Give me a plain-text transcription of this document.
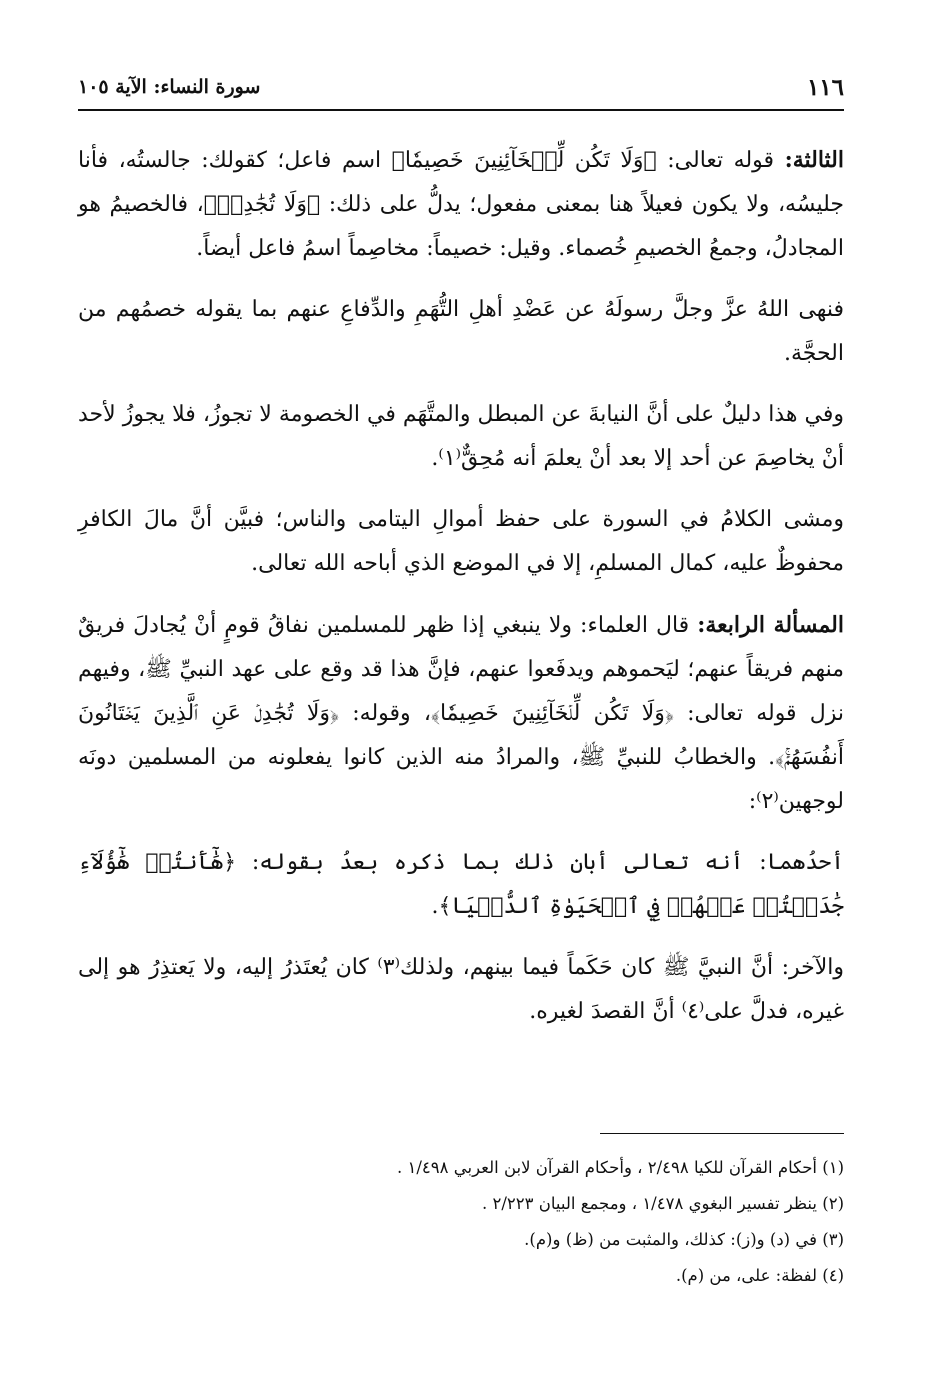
١١٦
سورة النساء: الآية ١٠٥

الثالثة: قوله تعالى: ﴿وَلَا تَكُن لِّلۡخَآئِنِينَ خَصِيمٗا﴾ اسم فاعل؛ كقولك: جالستُه، فأنا جليسُه، ولا يكون فعيلاً هنا بمعنى مفعول؛ يدلُّ على ذلك: ﴿وَلَا تُجَٰدِلۡ﴾، فالخصيمُ هو المجادلُ، وجمعُ الخصيمِ خُصماء. وقيل: خصيماً: مخاصِماً اسمُ فاعل أيضاً.

فنهى اللهُ عزَّ وجلَّ رسولَهُ عن عَضْدِ أهلِ التُّهَمِ والدِّفاعِ عنهم بما يقوله خصمُهم من الحجَّة.

وفي هذا دليلٌ على أنَّ النيابةَ عن المبطل والمتَّهَم في الخصومة لا تجوزُ، فلا يجوزُ لأحد أنْ يخاصِمَ عن أحد إلا بعد أنْ يعلمَ أنه مُحِقٌّ⁽١⁾.

ومشى الكلامُ في السورة على حفظ أموالِ اليتامى والناس؛ فبيَّن أنَّ مالَ الكافرِ محفوظٌ عليه، كمال المسلمِ، إلا في الموضع الذي أباحه الله تعالى.

المسألة الرابعة: قال العلماء: ولا ينبغي إذا ظهر للمسلمين نفاقُ قومٍ أنْ يُجادلَ فريقٌ منهم فريقاً عنهم؛ ليَحموهم ويدفَعوا عنهم، فإنَّ هذا قد وقع على عهد النبيِّ ﷺ، وفيهم نزل قوله تعالى: ﴿وَلَا تَكُن لِّلۡخَآئِنِينَ خَصِيمٗا﴾، وقوله: ﴿وَلَا تُجَٰدِلۡ عَنِ ٱلَّذِينَ يَخۡتَانُونَ أَنفُسَهُمۡۚ﴾. والخطابُ للنبيِّ ﷺ، والمرادُ منه الذين كانوا يفعلونه من المسلمين دونَه لوجهين⁽٢⁾:

أحدُهما: أنه تعالى أبان ذلك بما ذكره بعدُ بقوله: ﴿هَٰٓأَنتُمۡ هَٰٓؤُلَآءِ جَٰدَلۡتُمۡ عَنۡهُمۡ فِي ٱلۡحَيَوٰةِ ٱلدُّنۡيَا﴾.

والآخر: أنَّ النبيَّ ﷺ كان حَكَماً فيما بينهم، ولذلك⁽٣⁾ كان يُعتَذرُ إليه، ولا يَعتذِرُ هو إلى غيره، فدلَّ على⁽٤⁾ أنَّ القصدَ لغيره.

(١) أحكام القرآن للكيا ٢/٤٩٨ ، وأحكام القرآن لابن العربي ١/٤٩٨ .
(٢) ينظر تفسير البغوي ١/٤٧٨ ، ومجمع البيان ٢/٢٢٣ .
(٣) في (د) و(ز): كذلك، والمثبت من (ظ) و(م).
(٤) لفظة: على، من (م).
